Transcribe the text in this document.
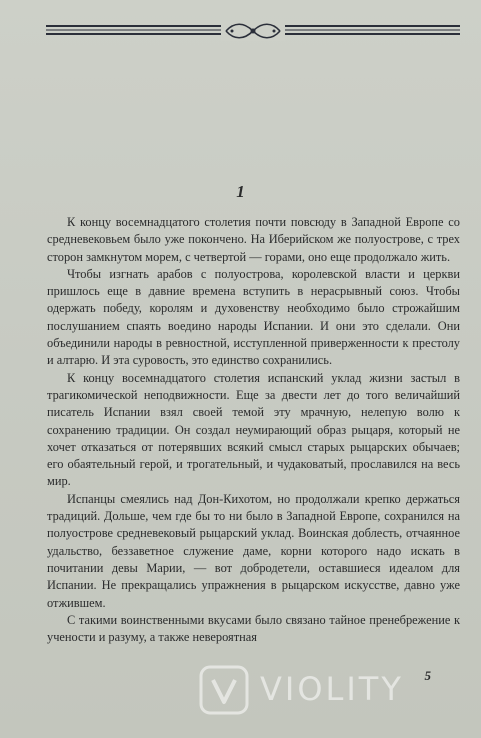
1

К концу восемнадцатого столетия почти повсюду в Западной Европе со средневековьем было уже покончено. На Иберийском же полуострове, с трех сторон замкнутом морем, с четвертой — горами, оно еще продолжало жить.

Чтобы изгнать арабов с полуострова, королевской власти и церкви пришлось еще в давние времена вступить в нерасрывный союз. Чтобы одержать победу, королям и духовенству необходимо было строжайшим послушанием спаять воедино народы Испании. И они это сделали. Они объединили народы в ревностной, исступленной приверженности к престолу и алтарю. И эта суровость, это единство сохранились.

К концу восемнадцатого столетия испанский уклад жизни застыл в трагикомической неподвижности. Еще за двести лет до того величайший писатель Испании взял своей темой эту мрачную, нелепую волю к сохранению традиции. Он создал неумирающий образ рыцаря, который не хочет отказаться от потерявших всякий смысл старых рыцарских обычаев; его обаятельный герой, и трогательный, и чудаковатый, прославился на весь мир.

Испанцы смеялись над Дон-Кихотом, но продолжали крепко держаться традиций. Дольше, чем где бы то ни было в Западной Европе, сохранился на полуострове средневековый рыцарский уклад. Воинская доблесть, отчаянное удальство, беззаветное служение даме, корни которого надо искать в почитании девы Марии, — вот добродетели, оставшиеся идеалом для Испании. Не прекращались упражнения в рыцарском искусстве, давно уже отжившем.

С такими воинственными вкусами было связано тайное пренебрежение к учености и разуму, а также невероятная

VIOLITY 5
